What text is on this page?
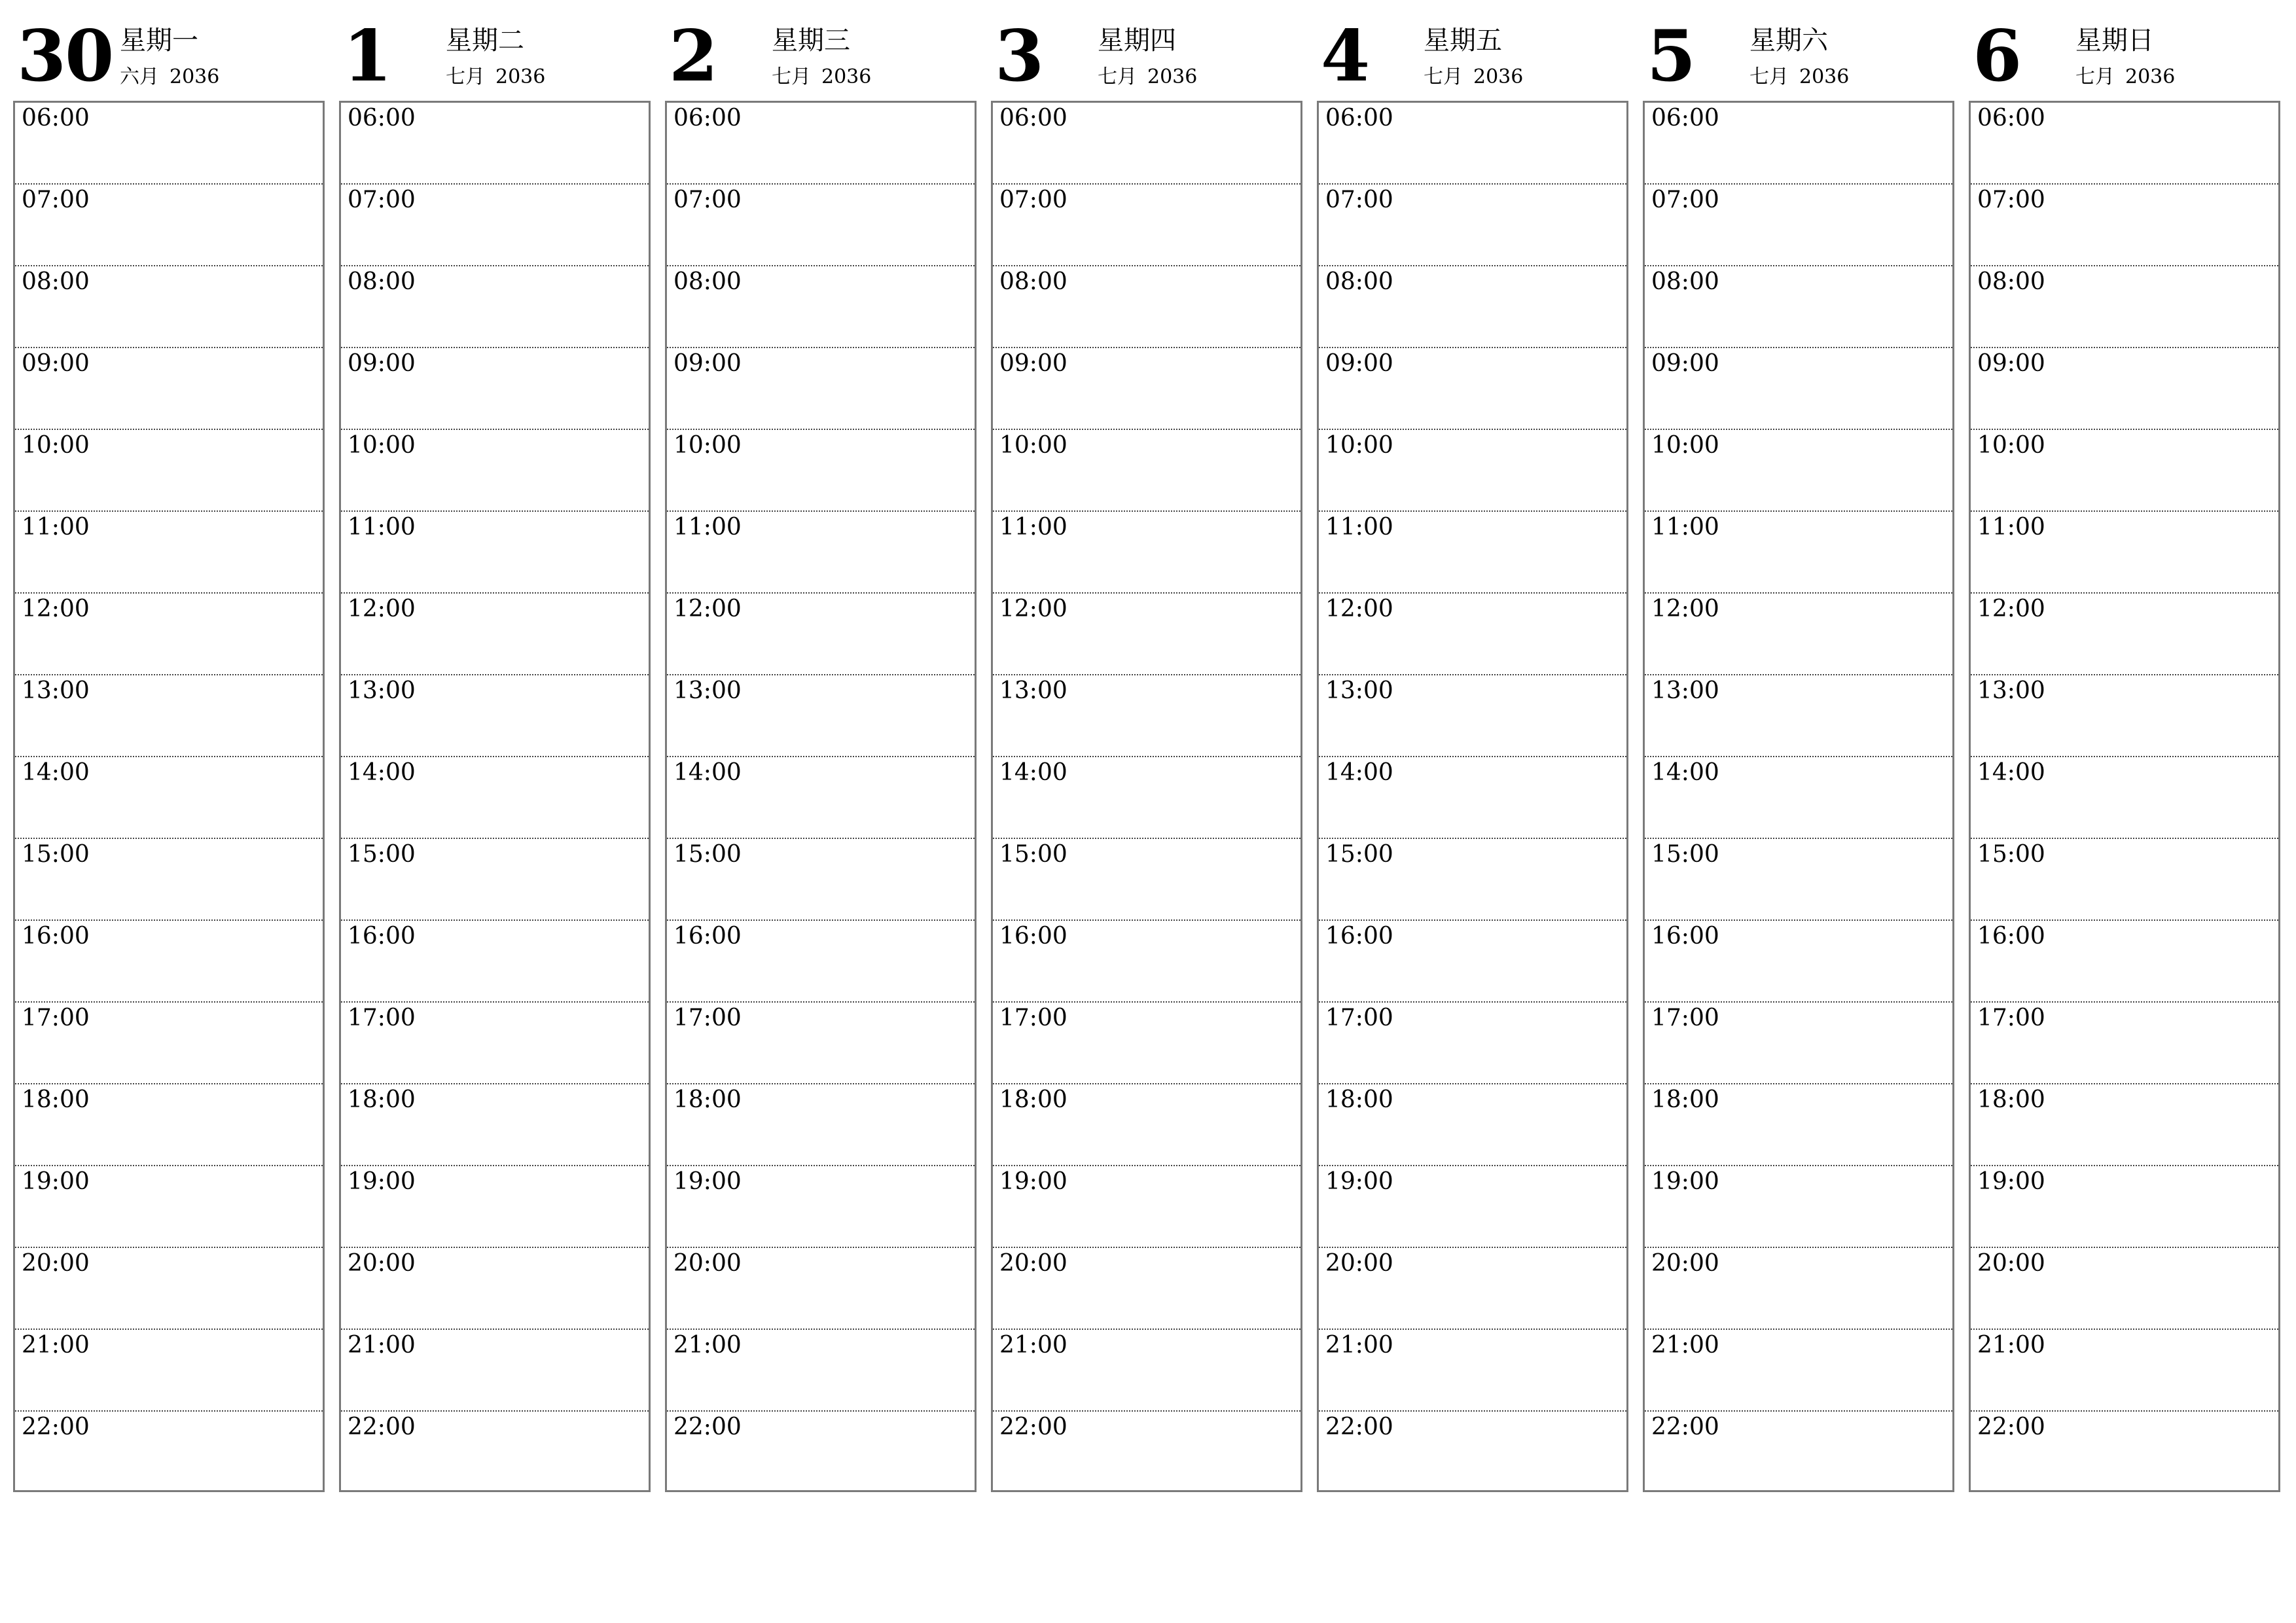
30 星期一
六月 2036
06:00
07:00
08:00
09:00
10:00
11:00
12:00
13:00
14:00
15:00
16:00
17:00
18:00
19:00
20:00
21:00
22:00
1 星期二
七月 2036
06:00
07:00
08:00
09:00
10:00
11:00
12:00
13:00
14:00
15:00
16:00
17:00
18:00
19:00
20:00
21:00
22:00
2 星期三
七月 2036
06:00
07:00
08:00
09:00
10:00
11:00
12:00
13:00
14:00
15:00
16:00
17:00
18:00
19:00
20:00
21:00
22:00
3 星期四
七月 2036
06:00
07:00
08:00
09:00
10:00
11:00
12:00
13:00
14:00
15:00
16:00
17:00
18:00
19:00
20:00
21:00
22:00
4 星期五
七月 2036
06:00
07:00
08:00
09:00
10:00
11:00
12:00
13:00
14:00
15:00
16:00
17:00
18:00
19:00
20:00
21:00
22:00
5 星期六
七月 2036
06:00
07:00
08:00
09:00
10:00
11:00
12:00
13:00
14:00
15:00
16:00
17:00
18:00
19:00
20:00
21:00
22:00
6 星期日
七月 2036
06:00
07:00
08:00
09:00
10:00
11:00
12:00
13:00
14:00
15:00
16:00
17:00
18:00
19:00
20:00
21:00
22:00
